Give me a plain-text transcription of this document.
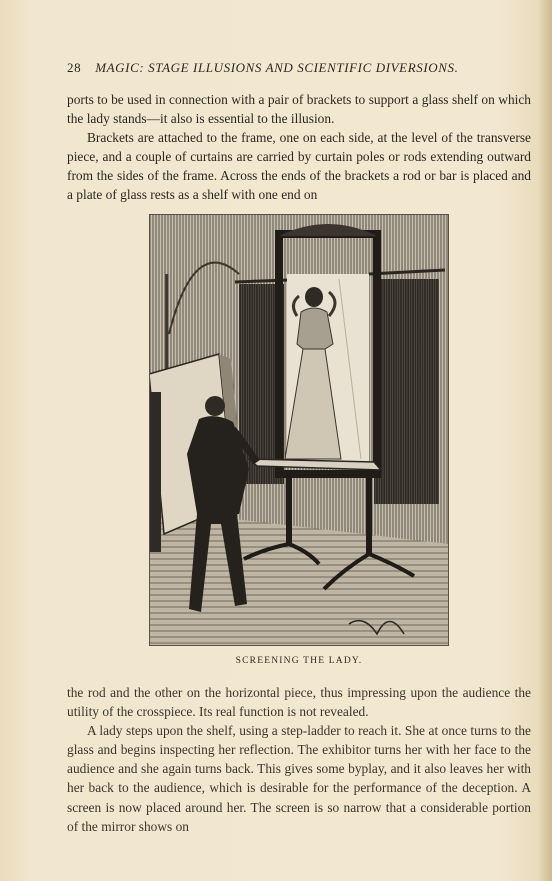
28 MAGIC: STAGE ILLUSIONS AND SCIENTIFIC DIVERSIONS.
ports to be used in connection with a pair of brackets to support a glass shelf on which the lady stands—it also is essential to the illusion.
Brackets are attached to the frame, one on each side, at the level of the transverse piece, and a couple of curtains are carried by curtain poles or rods extending outward from the sides of the frame. Across the ends of the brackets a rod or bar is placed and a plate of glass rests as a shelf with one end on
SCREENING THE LADY.
the rod and the other on the horizontal piece, thus impressing upon the audience the utility of the crosspiece. Its real function is not revealed.
A lady steps upon the shelf, using a step-ladder to reach it. She at once turns to the glass and begins inspecting her reflection. The exhibitor turns her with her face to the audience and she again turns back. This gives some byplay, and it also leaves her with her back to the audience, which is desirable for the performance of the deception. A screen is now placed around her. The screen is so narrow that a considerable portion of the mirror shows on
